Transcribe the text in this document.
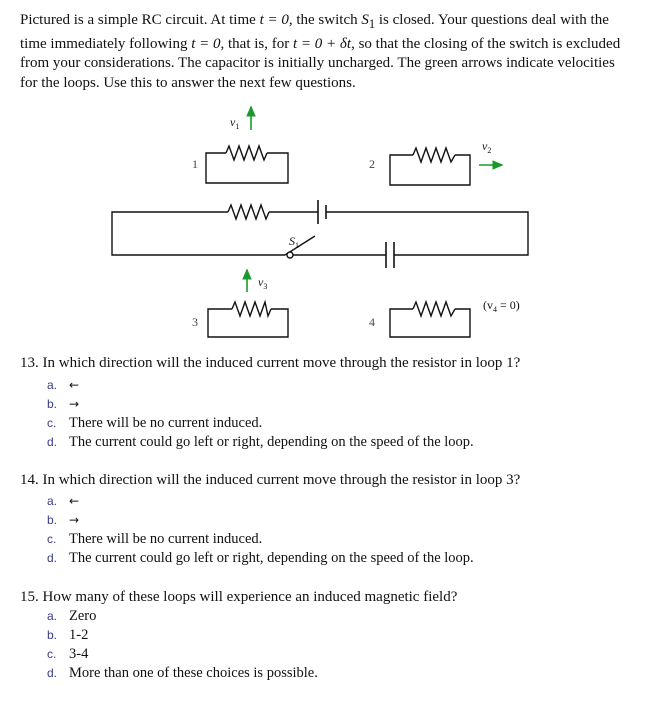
Pictured is a simple RC circuit. At time t = 0, the switch $S_1$ is closed. Your questions deal with the time immediately following t = 0, that is, for t = 0 + δt, so that the closing of the switch is excluded from your considerations. The capacitor is initially uncharged. The green arrows indicate velocities for the loops. Use this to answer the next few questions.
1	2
3	4
$v_1$
$v_2$
$v_3$
$(v_4 = 0)$
$S_1$
13. In which direction will the induced current move through the resistor in loop 1?
a. ←
b. →
c. There will be no current induced.
d. The current could go left or right, depending on the speed of the loop.
14. In which direction will the induced current move through the resistor in loop 3?
a. ←
b. →
c. There will be no current induced.
d. The current could go left or right, depending on the speed of the loop.
15. How many of these loops will experience an induced magnetic field?
a. Zero
b. 1-2
c. 3-4
d. More than one of these choices is possible.
